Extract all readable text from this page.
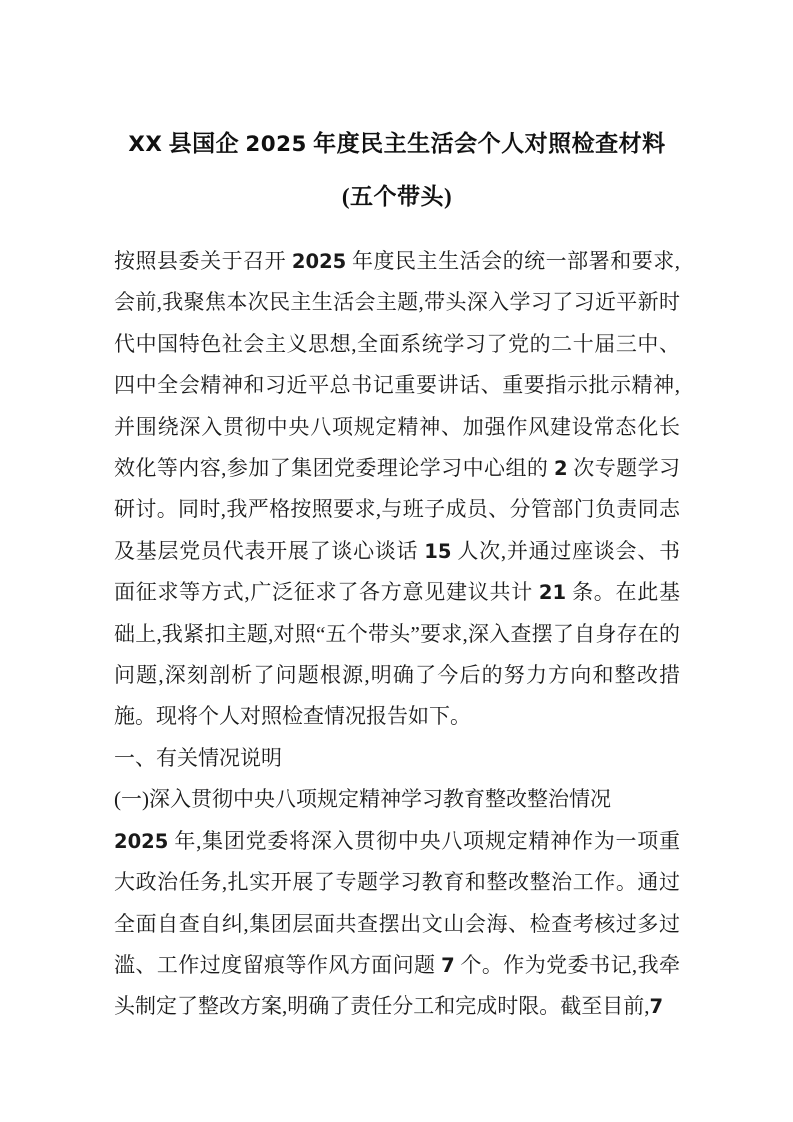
XX 县国企 2025 年度民主生活会个人对照检查材料(五个带头)

按照县委关于召开 2025 年度民主生活会的统一部署和要求,会前,我聚焦本次民主生活会主题,带头深入学习了习近平新时代中国特色社会主义思想,全面系统学习了党的二十届三中、四中全会精神和习近平总书记重要讲话、重要指示批示精神,并围绕深入贯彻中央八项规定精神、加强作风建设常态化长效化等内容,参加了集团党委理论学习中心组的 2 次专题学习研讨。同时,我严格按照要求,与班子成员、分管部门负责同志及基层党员代表开展了谈心谈话 15 人次,并通过座谈会、书面征求等方式,广泛征求了各方意见建议共计 21 条。在此基础上,我紧扣主题,对照“五个带头”要求,深入查摆了自身存在的问题,深刻剖析了问题根源,明确了今后的努力方向和整改措施。现将个人对照检查情况报告如下。

一、有关情况说明

(一)深入贯彻中央八项规定精神学习教育整改整治情况

2025 年,集团党委将深入贯彻中央八项规定精神作为一项重大政治任务,扎实开展了专题学习教育和整改整治工作。通过全面自查自纠,集团层面共查摆出文山会海、检查考核过多过滥、工作过度留痕等作风方面问题 7 个。作为党委书记,我牵头制定了整改方案,明确了责任分工和完成时限。截至目前,7
